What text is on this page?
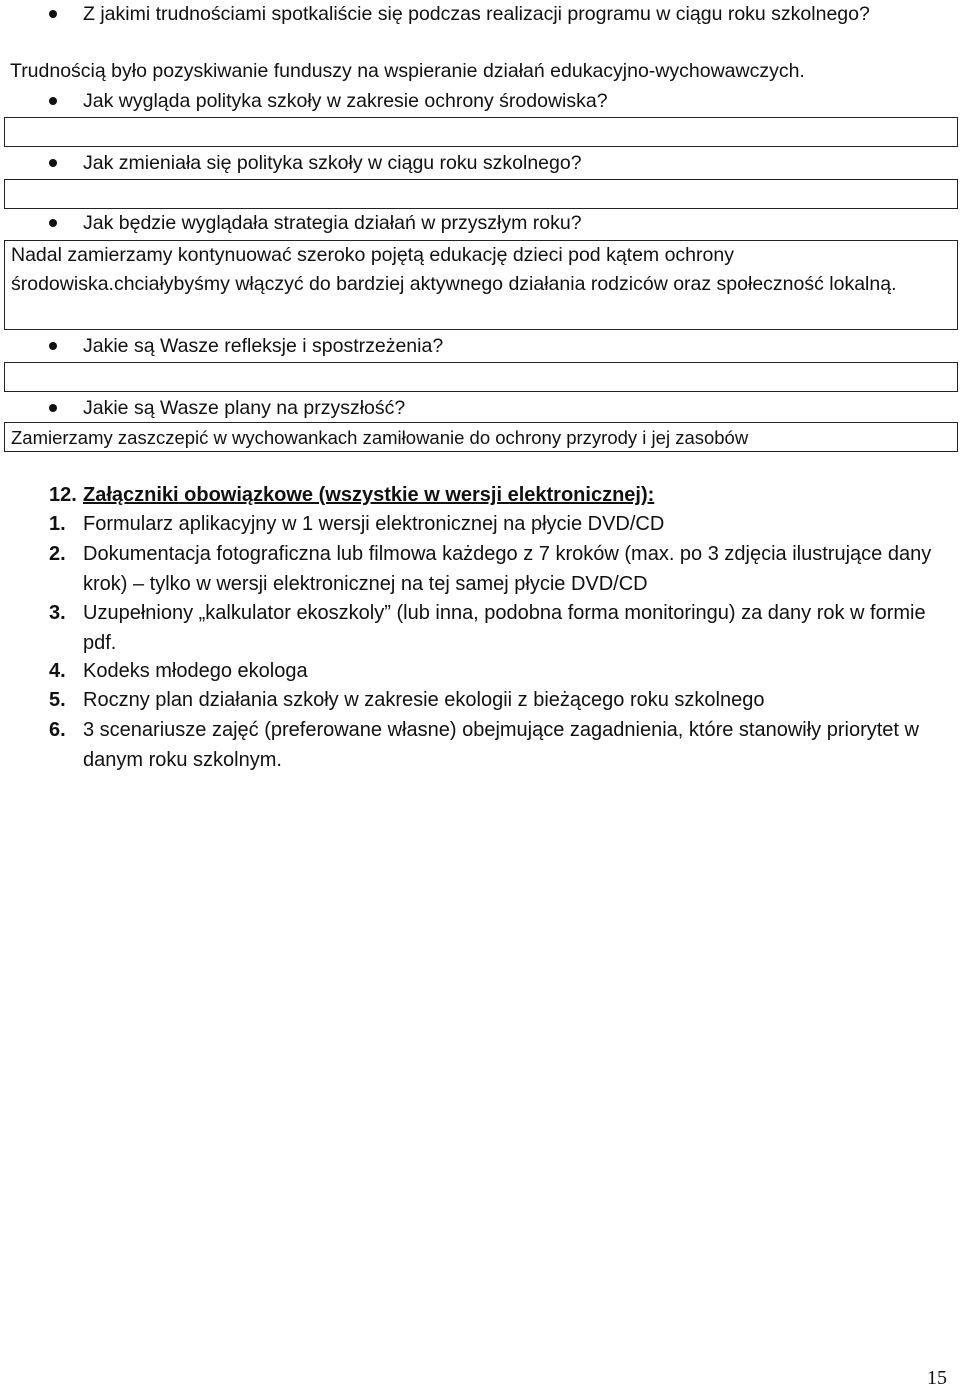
Z jakimi trudnościami spotkaliście się podczas realizacji programu w ciągu roku szkolnego?
Trudnością było pozyskiwanie funduszy na wspieranie działań edukacyjno-wychowawczych.
Jak wygląda polityka szkoły w zakresie ochrony środowiska?
Jak zmieniała się polityka szkoły w ciągu roku szkolnego?
Jak będzie wyglądała strategia działań w przyszłym roku?
Nadal zamierzamy kontynuować szeroko pojętą edukację dzieci pod kątem ochrony środowiska.chciałybyśmy włączyć do bardziej aktywnego działania rodziców oraz społeczność lokalną.
Jakie są Wasze refleksje i spostrzeżenia?
Jakie są Wasze plany na przyszłość?
Zamierzamy zaszczepić w wychowankach zamiłowanie do ochrony przyrody i jej zasobów
12. Załączniki obowiązkowe (wszystkie w wersji elektronicznej):
1. Formularz aplikacyjny w 1 wersji elektronicznej na płycie DVD/CD
2. Dokumentacja fotograficzna lub filmowa każdego z 7 kroków (max. po 3 zdjęcia ilustrujące dany krok) – tylko w wersji elektronicznej na tej samej płycie DVD/CD
3. Uzupełniony „kalkulator ekoszkoly” (lub inna, podobna forma monitoringu) za dany rok w formie pdf.
4. Kodeks młodego ekologa
5. Roczny plan działania szkoły w zakresie ekologii z bieżącego roku szkolnego
6. 3 scenariusze zajęć (preferowane własne) obejmujące zagadnienia, które stanowiły priorytet w danym roku szkolnym.
15
